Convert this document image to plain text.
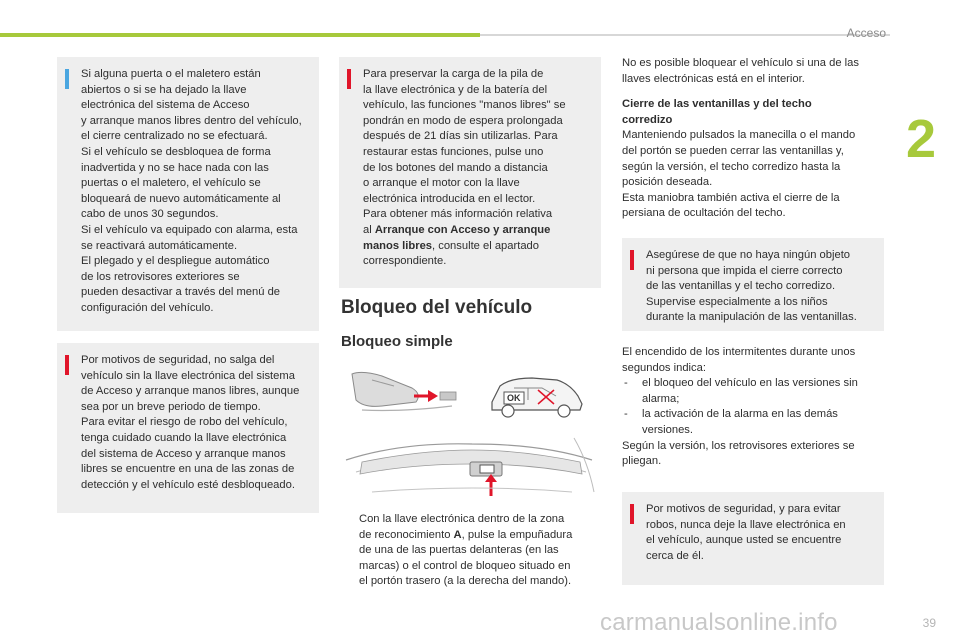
Acceso
2

Si alguna puerta o el maletero están
abiertos o si se ha dejado la llave
electrónica del sistema de Acceso
y arranque manos libres dentro del vehículo,
el cierre centralizado no se efectuará.
Si el vehículo se desbloquea de forma
inadvertida y no se hace nada con las
puertas o el maletero, el vehículo se
bloqueará de nuevo automáticamente al
cabo de unos 30 segundos.
Si el vehículo va equipado con alarma, esta
se reactivará automáticamente.
El plegado y el despliegue automático
de los retrovisores exteriores se
pueden desactivar a través del menú de
configuración del vehículo.

Por motivos de seguridad, no salga del
vehículo sin la llave electrónica del sistema
de Acceso y arranque manos libres, aunque
sea por un breve periodo de tiempo.
Para evitar el riesgo de robo del vehículo,
tenga cuidado cuando la llave electrónica
del sistema de Acceso y arranque manos
libres se encuentre en una de las zonas de
detección y el vehículo esté desbloqueado.

Para preservar la carga de la pila de
la llave electrónica y de la batería del
vehículo, las funciones "manos libres" se
pondrán en modo de espera prolongada
después de 21 días sin utilizarlas. Para
restaurar estas funciones, pulse uno
de los botones del mando a distancia
o arranque el motor con la llave
electrónica introducida en el lector.
Para obtener más información relativa
al Arranque con Acceso y arranque
manos libres, consulte el apartado
correspondiente.

Bloqueo del vehículo
Bloqueo simple
OK
Con la llave electrónica dentro de la zona
de reconocimiento A, pulse la empuñadura
de una de las puertas delanteras (en las
marcas) o el control de bloqueo situado en
el portón trasero (a la derecha del mando).

No es posible bloquear el vehículo si una de las
llaves electrónicas está en el interior.

Cierre de las ventanillas y del techo
corredizo

Manteniendo pulsados la manecilla o el mando
del portón se pueden cerrar las ventanillas y,
según la versión, el techo corredizo hasta la
posición deseada.
Esta maniobra también activa el cierre de la
persiana de ocultación del techo.

Asegúrese de que no haya ningún objeto
ni persona que impida el cierre correcto
de las ventanillas y el techo corredizo.
Supervise especialmente a los niños
durante la manipulación de las ventanillas.

El encendido de los intermitentes durante unos
segundos indica:

- el bloqueo del vehículo en las versiones sin
alarma;
- la activación de la alarma en las demás
versiones.

Según la versión, los retrovisores exteriores se
pliegan.

Por motivos de seguridad, y para evitar
robos, nunca deje la llave electrónica en
el vehículo, aunque usted se encuentre
cerca de él.

39
carmanualsonline.info
